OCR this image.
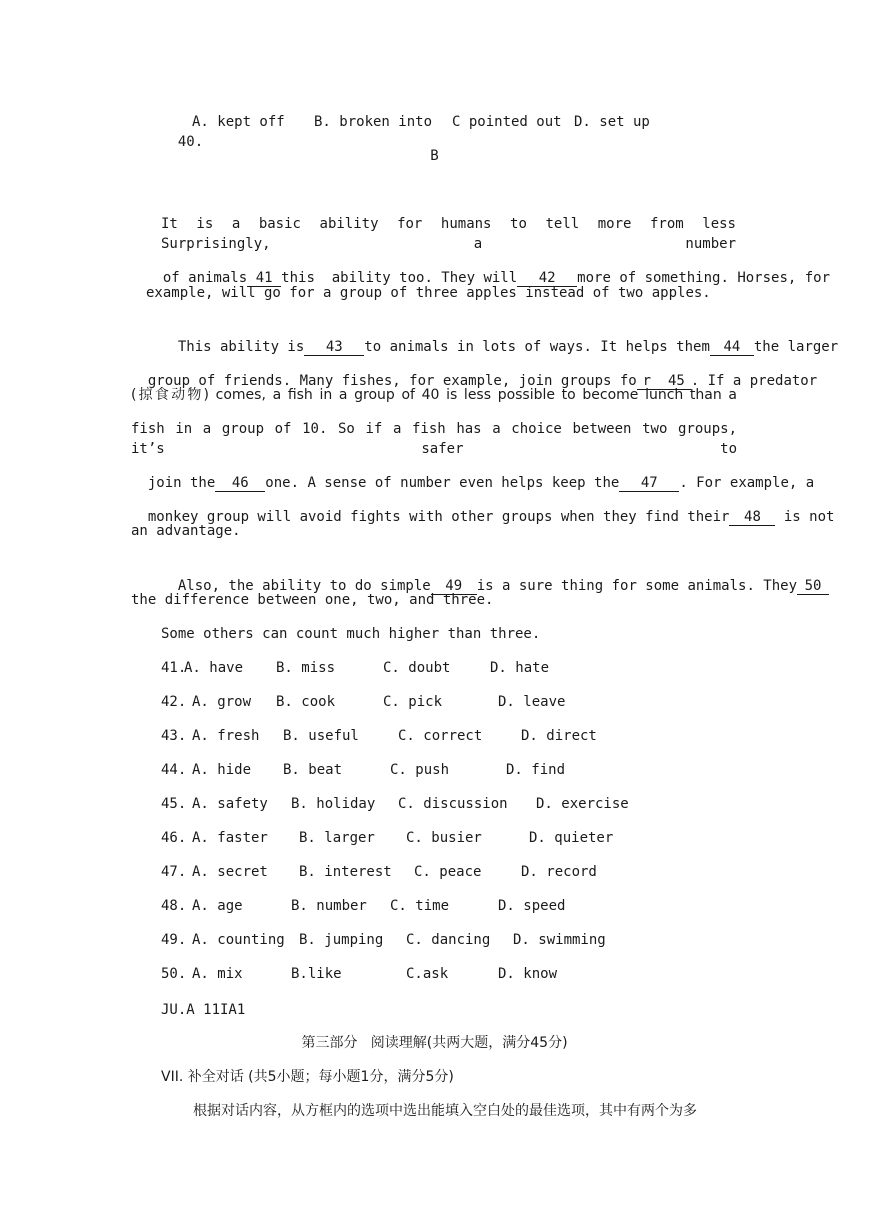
40.

A. kept off B. broken into C pointed out D. set up
B
It is a basic ability for humans to tell more from less Surprisingly, a number

of animals 41 this  ability too. They will 42 more of something. Horses, for

example, will go for a group of three apples instead of two apples.

This ability is 43 to animals in lots of ways. It helps them 44 the larger

group of friends. Many fishes, for example, join groups fo r  45 . If a predator

(掠食动物) comes, a fish in a group of 40 is less possible to become lunch than a
fish in a group of 10. So if a fish has a choice between two groups, it’s safer to

join the 46 one. A sense of number even helps keep the 47 . For example, a

monkey group will avoid fights with other groups when they find their 48 is not

an advantage.

Also, the ability to do simple 49 is a sure thing for some animals. They 50

the difference between one, two, and three.
Some others can count much higher than three.
41.
A. have B. miss	C. doubt	D. hate
42. A. grow B. cook	C. pick	D. leave
43. A. fresh B. useful	C. correct	D. direct
44. A. hide B. beat	C. push	D. find
45. A. safety B. holiday C. discussion D. exercise
46. A. faster B. larger C. busier	D. quieter
47. A. secret B. interest C. peace	D. record
48. A. age	B. number C. time	D. speed
49. A. counting B. jumping C. dancing D. swimming
50. A. mix	B.like	C.ask	D. know
JU.A 11IA1
第三部分   阅读理解(共两大题，满分45分)
VII. 补全对话 (共5小题；每小题1分，满分5分)
根据对话内容，从方框内的选项中选出能填入空白处的最佳选项，其中有两个为多
